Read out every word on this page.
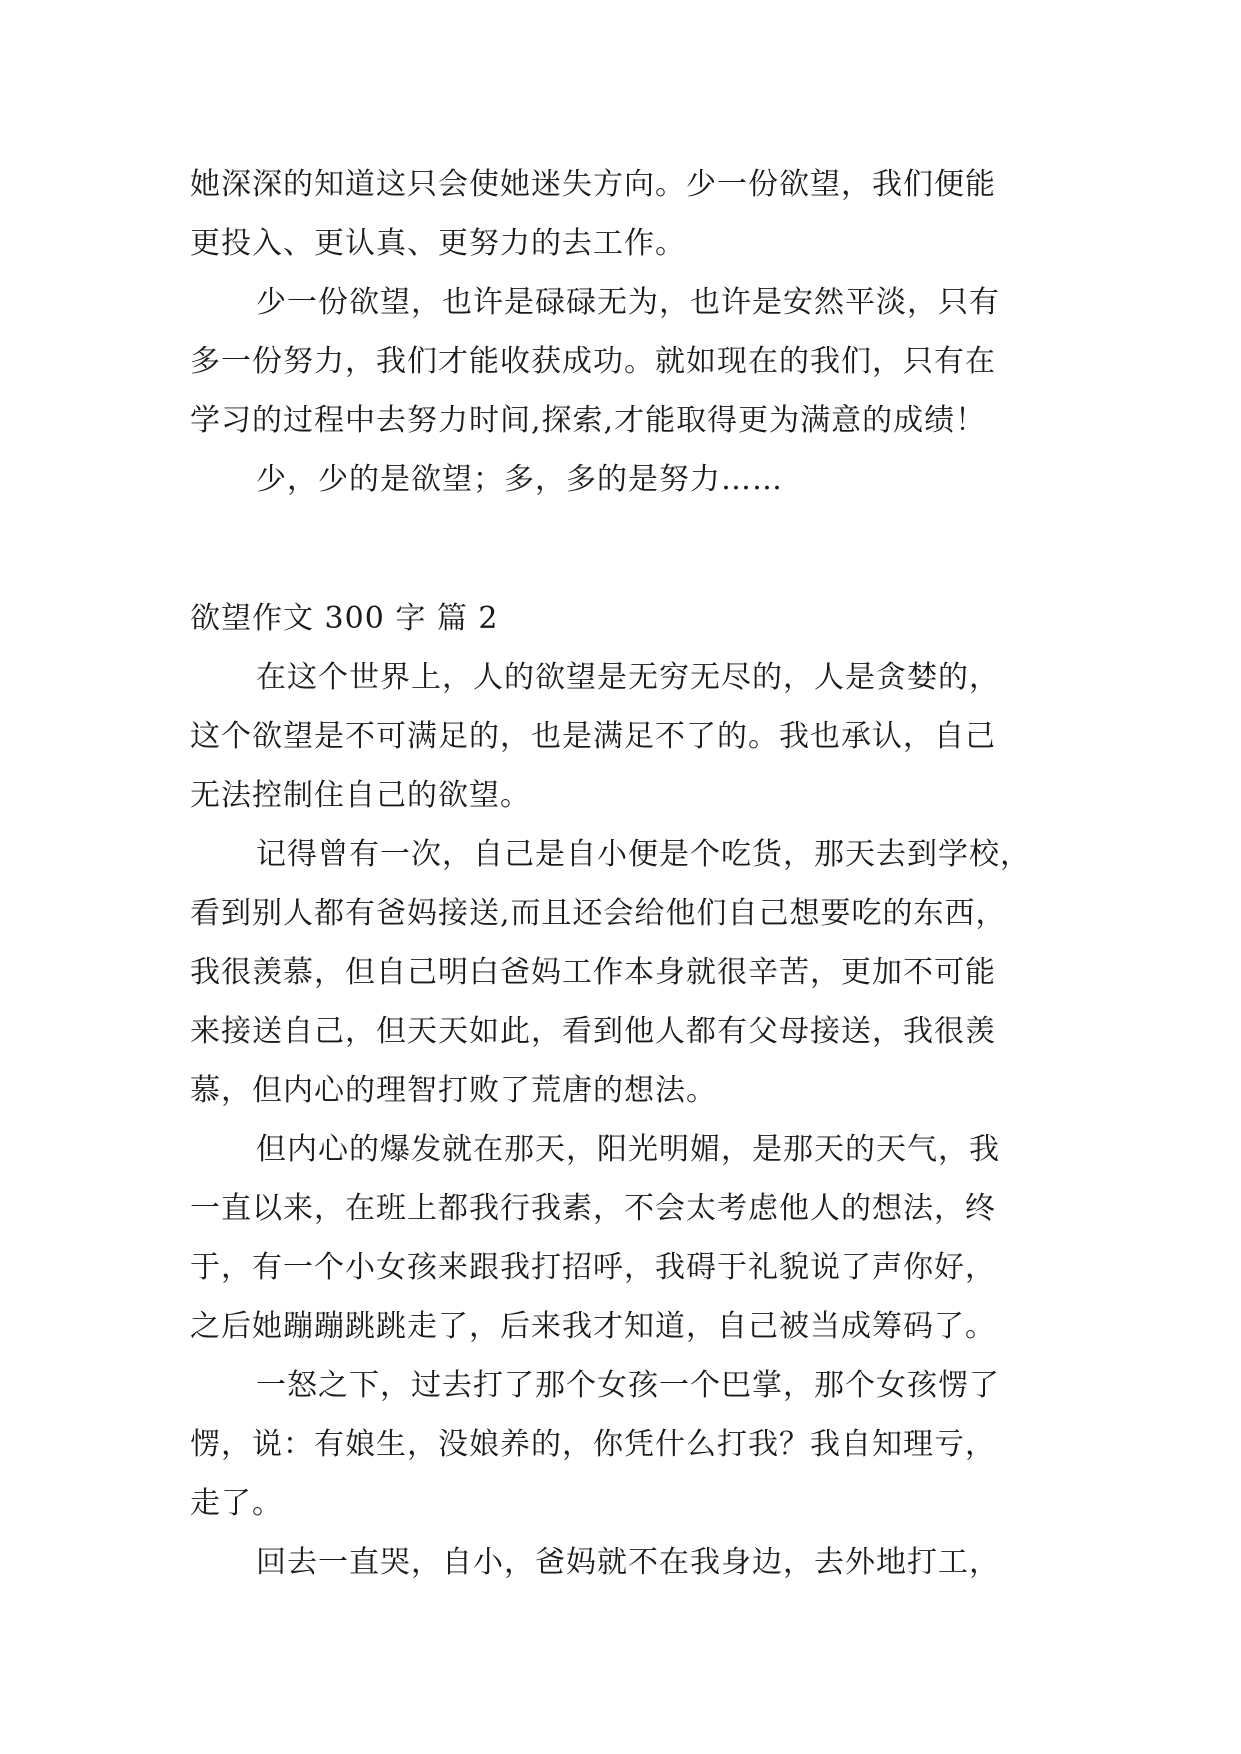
她深深的知道这只会使她迷失方向。少一份欲望，我们便能
更投入、更认真、更努力的去工作。
少一份欲望，也许是碌碌无为，也许是安然平淡，只有
多一份努力，我们才能收获成功。就如现在的我们，只有在
学习的过程中去努力时间,探索,才能取得更为满意的成绩！
少，少的是欲望；多，多的是努力……
欲望作文 300 字 篇 2
在这个世界上，人的欲望是无穷无尽的，人是贪婪的，
这个欲望是不可满足的，也是满足不了的。我也承认，自己
无法控制住自己的欲望。
记得曾有一次，自己是自小便是个吃货，那天去到学校，
看到别人都有爸妈接送,而且还会给他们自己想要吃的东西，
我很羡慕，但自己明白爸妈工作本身就很辛苦，更加不可能
来接送自己，但天天如此，看到他人都有父母接送，我很羡
慕，但内心的理智打败了荒唐的想法。
但内心的爆发就在那天，阳光明媚，是那天的天气，我
一直以来，在班上都我行我素，不会太考虑他人的想法，终
于，有一个小女孩来跟我打招呼，我碍于礼貌说了声你好，
之后她蹦蹦跳跳走了，后来我才知道，自己被当成筹码了。
一怒之下，过去打了那个女孩一个巴掌，那个女孩愣了
愣，说：有娘生，没娘养的，你凭什么打我？我自知理亏，
走了。
回去一直哭，自小，爸妈就不在我身边，去外地打工，
